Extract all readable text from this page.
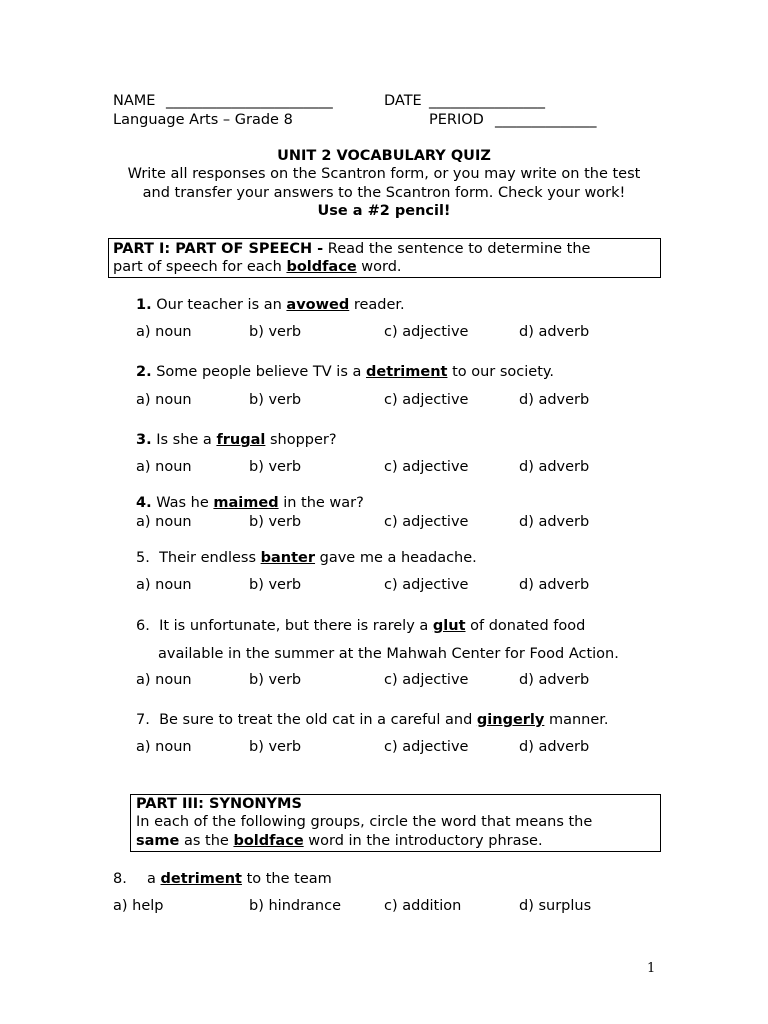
NAME _______________________	DATE ________________
Language Arts – Grade 8	PERIOD ______________
UNIT 2 VOCABULARY QUIZ
Write all responses on the Scantron form, or you may write on the test
and transfer your answers to the Scantron form. Check your work!
Use a #2 pencil!
PART I: PART OF SPEECH - Read the sentence to determine the
part of speech for each boldface word.
1. Our teacher is an avowed reader.
a) noun	b) verb	c) adjective	d) adverb
2. Some people believe TV is a detriment to our society.
a) noun	b) verb	c) adjective	d) adverb
3. Is she a frugal shopper?
a) noun	b) verb	c) adjective	d) adverb
4. Was he maimed in the war?
a) noun	b) verb	c) adjective	d) adverb
5. Their endless banter gave me a headache.
a) noun	b) verb	c) adjective	d) adverb
6. It is unfortunate, but there is rarely a glut of donated food
available in the summer at the Mahwah Center for Food Action.
a) noun	b) verb	c) adjective	d) adverb
7. Be sure to treat the old cat in a careful and gingerly manner.
a) noun	b) verb	c) adjective	d) adverb
PART III: SYNONYMS
In each of the following groups, circle the word that means the
same as the boldface word in the introductory phrase.
8. a detriment to the team
a) help	b) hindrance	c) addition	d) surplus
1
